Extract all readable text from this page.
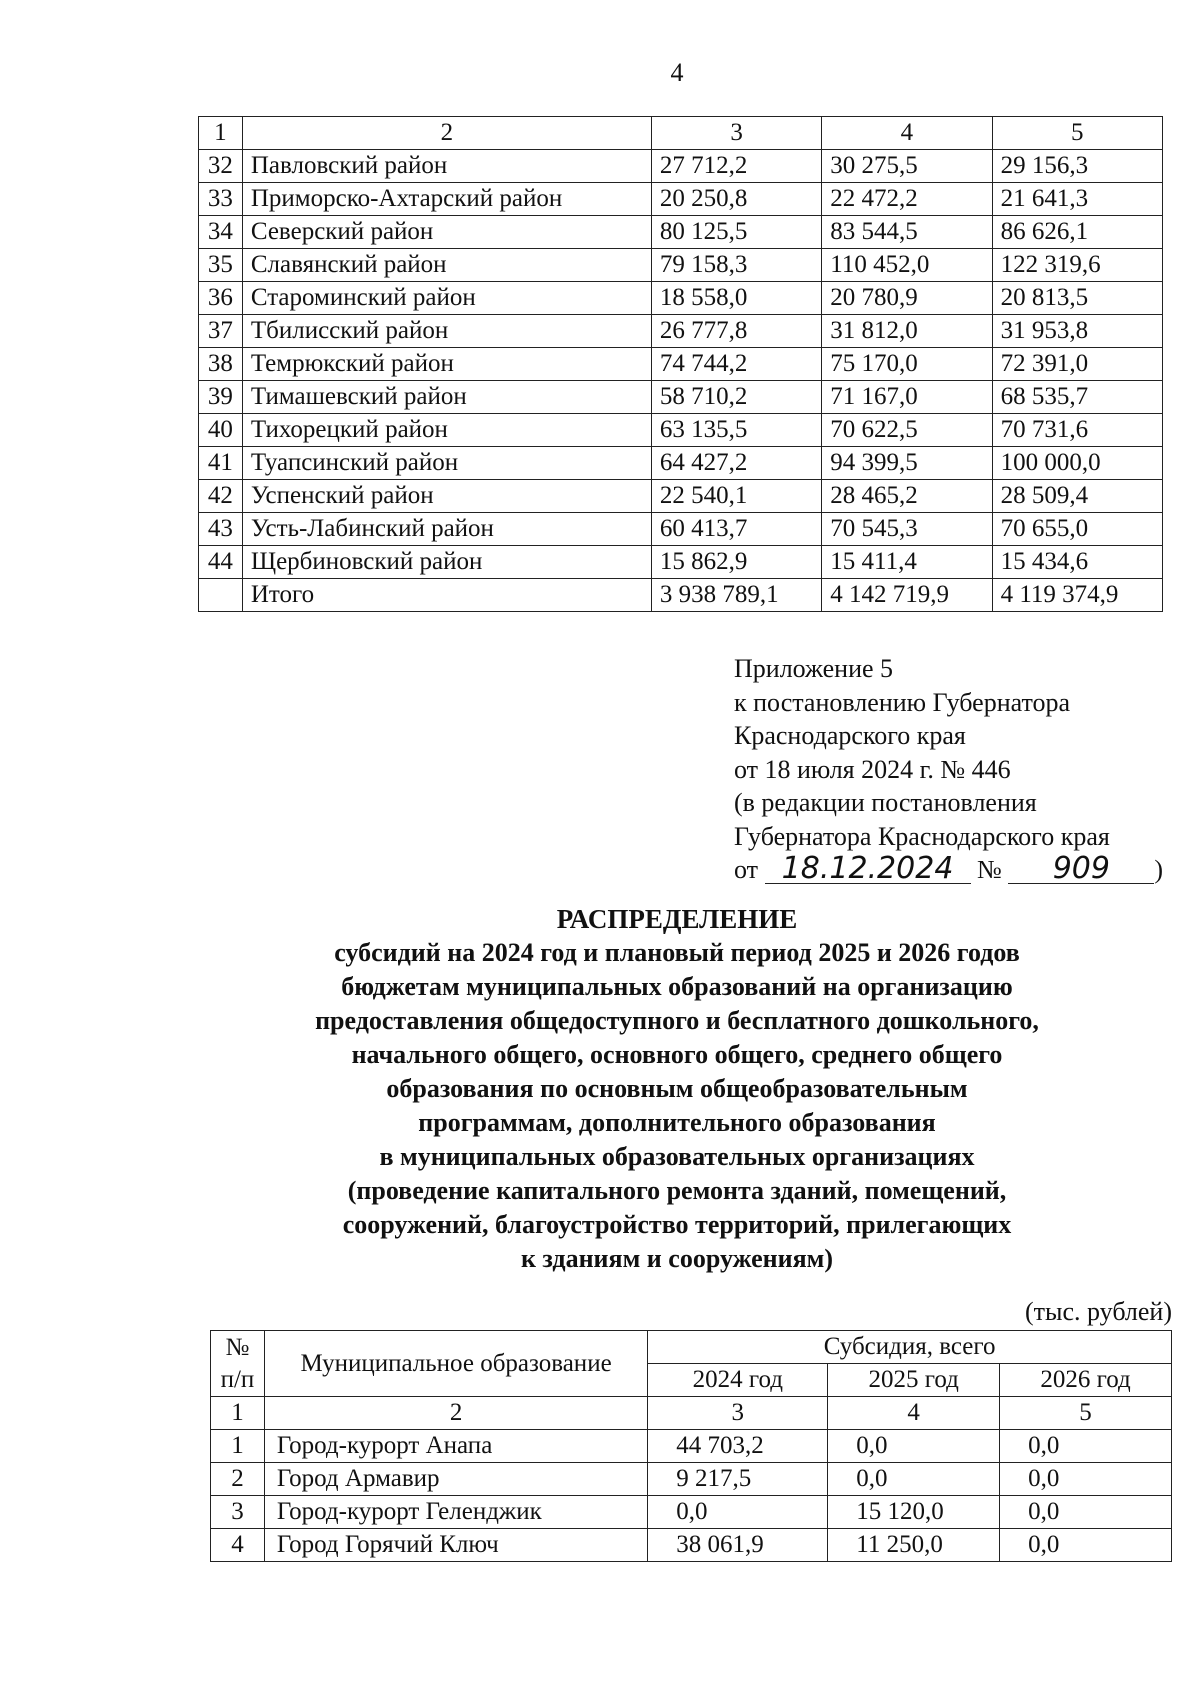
4
1	2	3	4	5
32	Павловский район	27 712,2	30 275,5	29 156,3
33	Приморско-Ахтарский район	20 250,8	22 472,2	21 641,3
34	Северский район	80 125,5	83 544,5	86 626,1
35	Славянский район	79 158,3	110 452,0	122 319,6
36	Староминский район	18 558,0	20 780,9	20 813,5
37	Тбилисский район	26 777,8	31 812,0	31 953,8
38	Темрюкский район	74 744,2	75 170,0	72 391,0
39	Тимашевский район	58 710,2	71 167,0	68 535,7
40	Тихорецкий район	63 135,5	70 622,5	70 731,6
41	Туапсинский район	64 427,2	94 399,5	100 000,0
42	Успенский район	22 540,1	28 465,2	28 509,4
43	Усть-Лабинский район	60 413,7	70 545,3	70 655,0
44	Щербиновский район	15 862,9	15 411,4	15 434,6
	Итого	3 938 789,1	4 142 719,9	4 119 374,9
Приложение 5
к постановлению Губернатора
Краснодарского края
от 18 июля 2024 г. № 446
(в редакции постановления
Губернатора Краснодарского края
от 18.12.2024 № 909 )
РАСПРЕДЕЛЕНИЕ
субсидий на 2024 год и плановый период 2025 и 2026 годов
бюджетам муниципальных образований на организацию
предоставления общедоступного и бесплатного дошкольного,
начального общего, основного общего, среднего общего
образования по основным общеобразовательным
программам, дополнительного образования
в муниципальных образовательных организациях
(проведение капитального ремонта зданий, помещений,
сооружений, благоустройство территорий, прилегающих
к зданиям и сооружениям)
(тыс. рублей)
№
п/п	Муниципальное образование	Субсидия, всего		
		2024 год	2025 год	2026 год
1	2	3	4	5
1	Город-курорт Анапа	44 703,2	0,0	0,0
2	Город Армавир	9 217,5	0,0	0,0
3	Город-курорт Геленджик	0,0	15 120,0	0,0
4	Город Горячий Ключ	38 061,9	11 250,0	0,0
